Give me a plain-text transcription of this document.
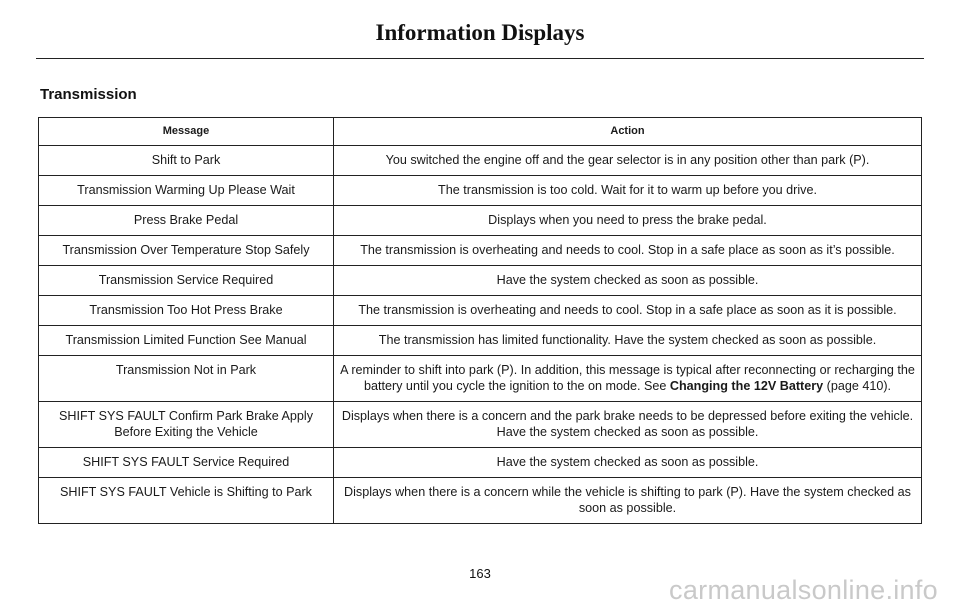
Information Displays
Transmission
Message	Action
Shift to Park	You switched the engine off and the gear selector is in any position other than park (P).
Transmission Warming Up Please Wait	The transmission is too cold. Wait for it to warm up before you drive.
Press Brake Pedal	Displays when you need to press the brake pedal.
Transmission Over Temperature Stop Safely	The transmission is overheating and needs to cool. Stop in a safe place as soon as it’s possible.
Transmission Service Required	Have the system checked as soon as possible.
Transmission Too Hot Press Brake	The transmission is overheating and needs to cool. Stop in a safe place as soon as it is possible.
Transmission Limited Function See Manual	The transmission has limited functionality. Have the system checked as soon as possible.
Transmission Not in Park	A reminder to shift into park (P). In addition, this message is typical after reconnecting or recharging the battery until you cycle the ignition to the on mode. See Changing the 12V Battery (page 410).
SHIFT SYS FAULT Confirm Park Brake Apply Before Exiting the Vehicle	Displays when there is a concern and the park brake needs to be depressed before exiting the vehicle. Have the system checked as soon as possible.
SHIFT SYS FAULT Service Required	Have the system checked as soon as possible.
SHIFT SYS FAULT Vehicle is Shifting to Park	Displays when there is a concern while the vehicle is shifting to park (P). Have the system checked as soon as possible.
163
carmanualsonline.info
